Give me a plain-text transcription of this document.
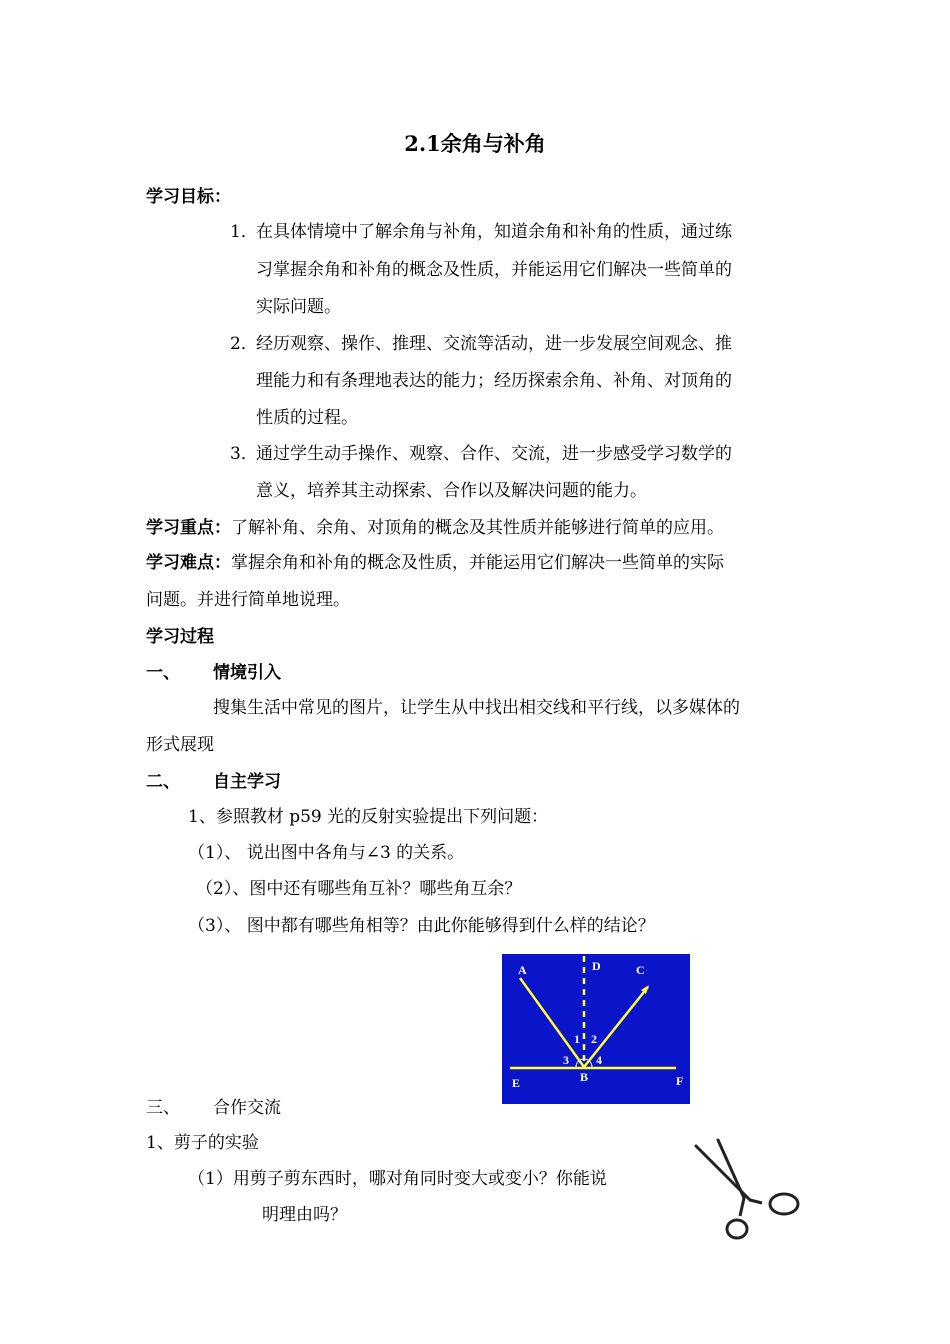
2.1余角与补角
学习目标：
1．
在具体情境中了解余角与补角，知道余角和补角的性质，通过练
习掌握余角和补角的概念及性质，并能运用它们解决一些简单的
实际问题。
2．
经历观察、操作、推理、交流等活动，进一步发展空间观念、推
理能力和有条理地表达的能力；经历探索余角、补角、对顶角的
性质的过程。
3．
通过学生动手操作、观察、合作、交流，进一步感受学习数学的
意义，培养其主动探索、合作以及解决问题的能力。
学习重点：了解补角、余角、对顶角的概念及其性质并能够进行简单的应用。
学习难点：掌握余角和补角的概念及性质，并能运用它们解决一些简单的实际
问题。并进行简单地说理。
学习过程
一、 情境引入
搜集生活中常见的图片，让学生从中找出相交线和平行线，以多媒体的
形式展现
二、 自主学习
1、参照教材 p59 光的反射实验提出下列问题：
（1）、 说出图中各角与∠3 的关系。
（2）、图中还有哪些角互补？哪些角互余？
（3）、 图中都有哪些角相等？由此你能够得到什么样的结论？
A	D	C
1 2
3 4
B
E	F
三、 合作交流
1、剪子的实验
（1）用剪子剪东西时，哪对角同时变大或变小？你能说
明理由吗？
